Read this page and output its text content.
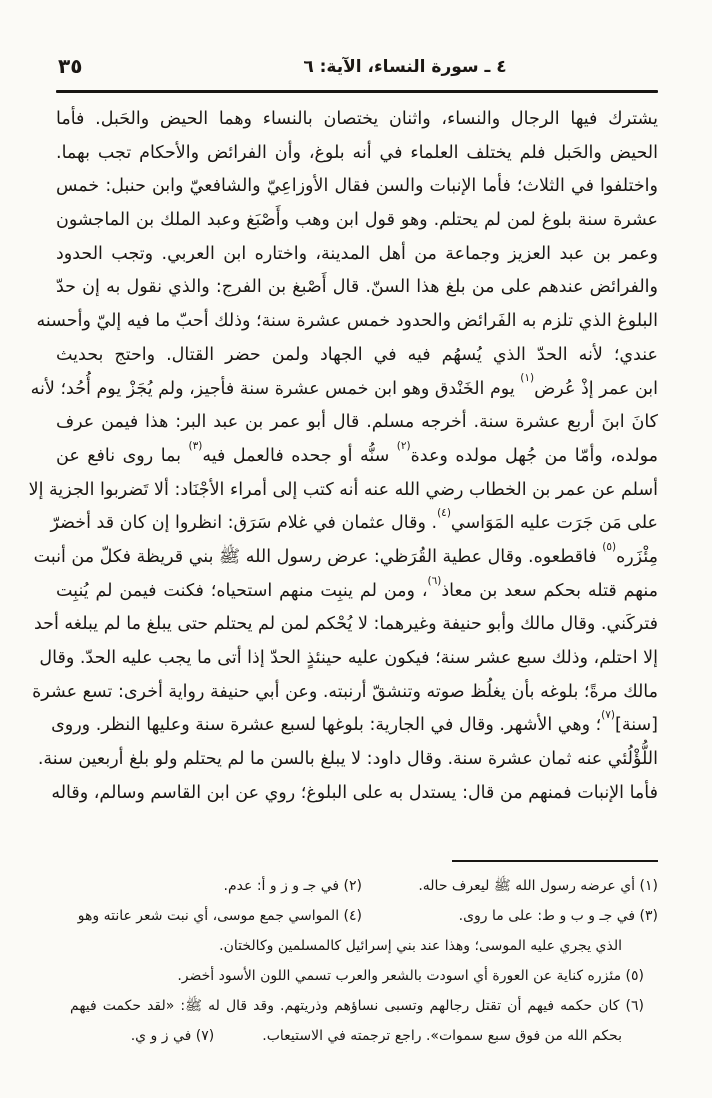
٣٥	٤ ـ سورة النساء، الآية: ٦
يشترك فيها الرجال والنساء، واثنان يختصان بالنساء وهما الحيض والحَبل. فأما
الحيض والحَبل فلم يختلف العلماء في أنه بلوغ، وأن الفرائض والأحكام تجب بهما.
واختلفوا في الثلاث؛ فأما الإنبات والسن فقال الأوزاعِيّ والشافعيّ وابن حنبل: خمس
عشرة سنة بلوغ لمن لم يحتلم. وهو قول ابن وهب وأَصْبَغ وعبد الملك بن الماجشون
وعمر بن عبد العزيز وجماعة من أهل المدينة، واختاره ابن العربي. وتجب الحدود
والفرائض عندهم على من بلغ هذا السنّ. قال أَصْبغ بن الفرج: والذي نقول به إن حدّ
البلوغ الذي تلزم به الفَرائض والحدود خمس عشرة سنة؛ وذلك أحبّ ما فيه إليّ وأحسنه
عندي؛ لأنه الحدّ الذي يُسهُم فيه في الجهاد ولمن حضر القتال. واحتج بحديث
ابن عمر إذْ عُرض$^{(١)}$ يوم الخَنْدق وهو ابن خمس عشرة سنة فأجيز، ولم يُجَزْ يوم أُحُد؛ لأنه
كانَ ابنَ أربع عشرة سنة. أخرجه مسلم. قال أبو عمر بن عبد البر: هذا فيمن عرف
مولده، وأمّا من جُهل مولده وعدة$^{(٢)}$ سنُّه أو جحده فالعمل فيه$^{(٣)}$ بما روى نافع عن
أسلم عن عمر بن الخطاب رضي الله عنه أنه كتب إلى أمراء الأجْنَاد: ألا تَضربوا الجزية إلا
على مَن جَرَت عليه المَوَاسي$^{(٤)}$. وقال عثمان في غلام سَرَق: انظروا إن كان قد أخضرّ
مِئْزَره$^{(٥)}$ فاقطعوه. وقال عطية القُرَظي: عرض رسول الله ﷺ بني قريظة فكلّ من أنبت
منهم قتله بحكم سعد بن معاذ$^{(٦)}$، ومن لم ينبِت منهم استحياه؛ فكنت فيمن لم يُنبِت
فتركَني. وقال مالك وأبو حنيفة وغيرهما: لا يُحْكم لمن لم يحتلم حتى يبلغ ما لم يبلغه أحد
إلا احتلم، وذلك سبع عشر سنة؛ فيكون عليه حينئذٍ الحدّ إذا أتى ما يجب عليه الحدّ. وقال
مالك مرةً؛ بلوغه بأن يغلُظ صوته وتنشقّ أرنبته. وعن أبي حنيفة رواية أخرى: تسع عشرة
[سنة]$^{(٧)}$؛ وهي الأشهر. وقال في الجارية: بلوغها لسبع عشرة سنة وعليها النظر. وروى
اللُّؤْلُئي عنه ثمان عشرة سنة. وقال داود: لا يبلغ بالسن ما لم يحتلم ولو بلغ أربعين سنة.
فأما الإنبات فمنهم من قال: يستدل به على البلوغ؛ روي عن ابن القاسم وسالم، وقاله
(١) أي عرضه رسول الله ﷺ ليعرف حاله.
(٢) في جـ و ز و أ: عدم.
(٣) في جـ و ب و ط: على ما روى.
(٤) المواسي جمع موسى، أي نبت شعر عانته وهو
الذي يجري عليه الموسى؛ وهذا عند بني إسرائيل كالمسلمين وكالختان.
(٥) مئزره كناية عن العورة أي اسودت بالشعر والعرب تسمي اللون الأسود أخضر.
(٦) كان حكمه فيهم أن تقتل رجالهم وتسبى نساؤهم وذريتهم. وقد قال له ﷺ: «لقد حكمت فيهم
بحكم الله من فوق سبع سموات». راجع ترجمته في الاستيعاب.
(٧) في ز و ي.
